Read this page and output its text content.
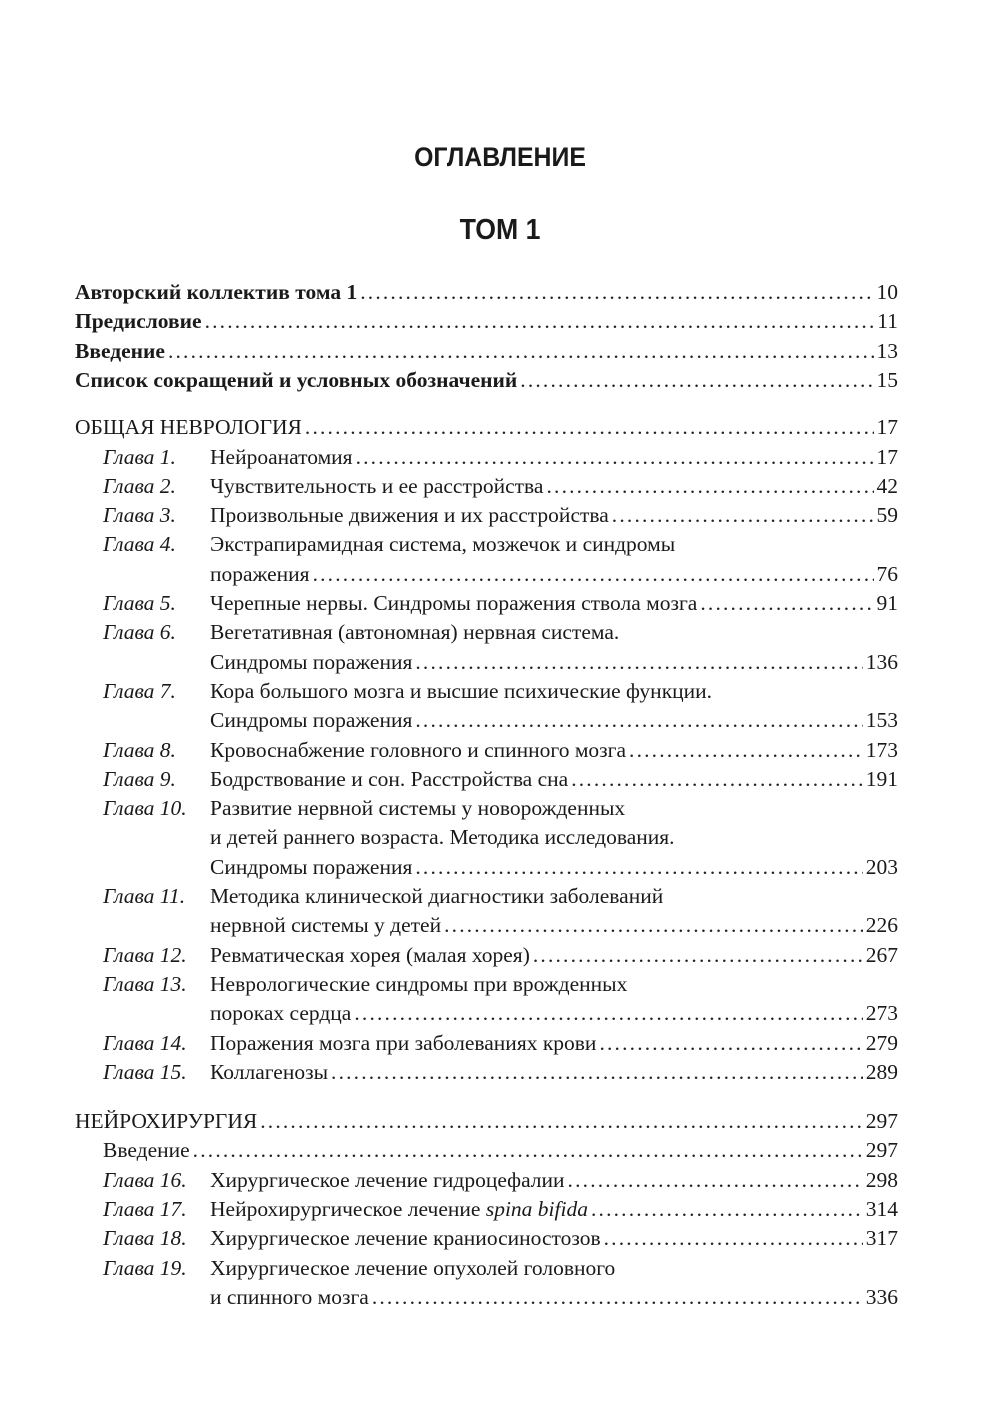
ОГЛАВЛЕНИЕ
ТОМ 1
Авторский коллектив тома 1 . . .	10
Предисловие . . .	11
Введение . . .	13
Список сокращений и условных обозначений . . .	15
ОБЩАЯ НЕВРОЛОГИЯ . . .	17
Глава 1.	Нейроанатомия . . .	17
Глава 2.	Чувствительность и ее расстройства . . .	42
Глава 3.	Произвольные движения и их расстройства . . .	59
Глава 4.	Экстрапирамидная система, мозжечок и синдромы
поражения . . .	76
Глава 5.	Черепные нервы. Синдромы поражения ствола мозга . . .	91
Глава 6.	Вегетативная (автономная) нервная система.
Синдромы поражения . . .	136
Глава 7.	Кора большого мозга и высшие психические функции.
Синдромы поражения . . .	153
Глава 8.	Кровоснабжение головного и спинного мозга . . .	173
Глава 9.	Бодрствование и сон. Расстройства сна . . .	191
Глава 10.	Развитие нервной системы у новорожденных
и детей раннего возраста. Методика исследования.
Синдромы поражения . . .	203
Глава 11.	Методика клинической диагностики заболеваний
нервной системы у детей . . .	226
Глава 12.	Ревматическая хорея (малая хорея) . . .	267
Глава 13.	Неврологические синдромы при врожденных
пороках сердца . . .	273
Глава 14.	Поражения мозга при заболеваниях крови . . .	279
Глава 15.	Коллагенозы . . .	289
НЕЙРОХИРУРГИЯ . . .	297
Введение . . .	297
Глава 16.	Хирургическое лечение гидроцефалии . . .	298
Глава 17.	Нейрохирургическое лечение spina bifida . . .	314
Глава 18.	Хирургическое лечение краниосиностозов . . .	317
Глава 19.	Хирургическое лечение опухолей головного
и спинного мозга . . .	336
